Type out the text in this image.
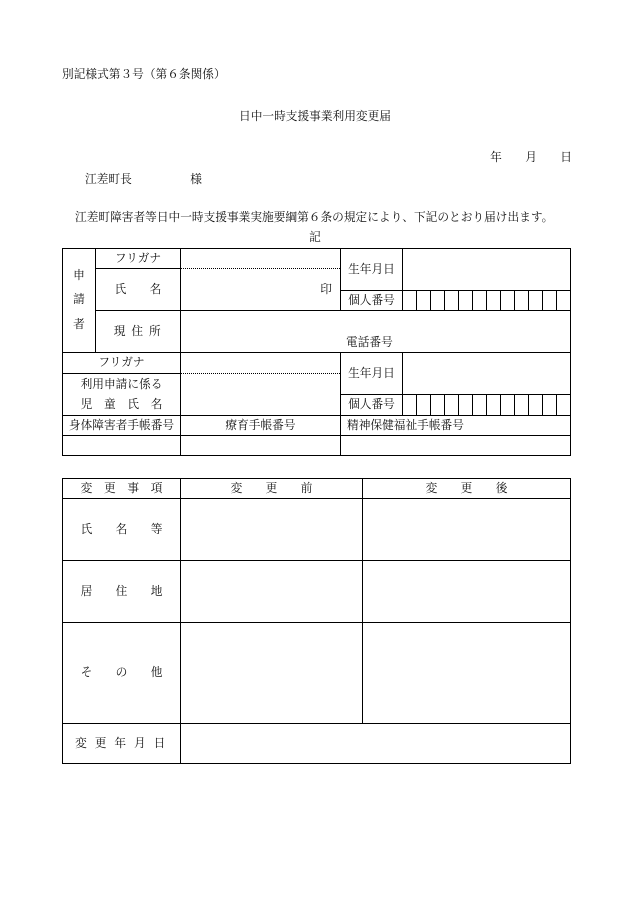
別記様式第３号（第６条関係）
日中一時支援事業利用変更届
年　　月　　日
江差町長　　　　　様
江差町障害者等日中一時支援事業実施要綱第６条の規定により、下記のとおり届け出ます。
記
申請者	フリガナ		生年月日												
	氏　　名	印													
			個人番号												
	現 住 所	電話番号													
フリガナ			生年月日												

利用申請に係る
児　童　氏　名															

			個人番号												
身体障害者手帳番号		療育手帳番号	精神保健福祉手帳番号												

変　更　事　項	変　　更　　前	変　　更　　後
氏　　名　　等		
居　　住　　地		
そ　　の　　他		
変 更 年 月 日		
